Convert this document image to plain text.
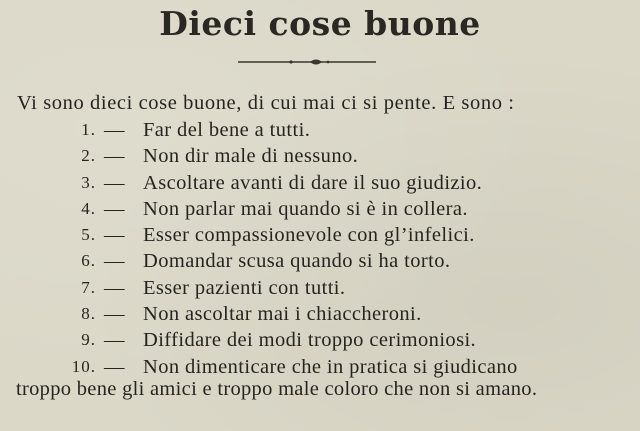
Dieci cose buone
Vi sono dieci cose buone, di cui mai ci si pente. E sono :
1. — Far del bene a tutti.
2. — Non dir male di nessuno.
3. — Ascoltare avanti di dare il suo giudizio.
4. — Non parlar mai quando si è in collera.
5. — Esser compassionevole con gl’infelici.
6. — Domandar scusa quando si ha torto.
7. — Esser pazienti con tutti.
8. — Non ascoltar mai i chiaccheroni.
9. — Diffidare dei modi troppo cerimoniosi.
10. — Non dimenticare che in pratica si giudicano
troppo bene gli amici e troppo male coloro che non si amano.
